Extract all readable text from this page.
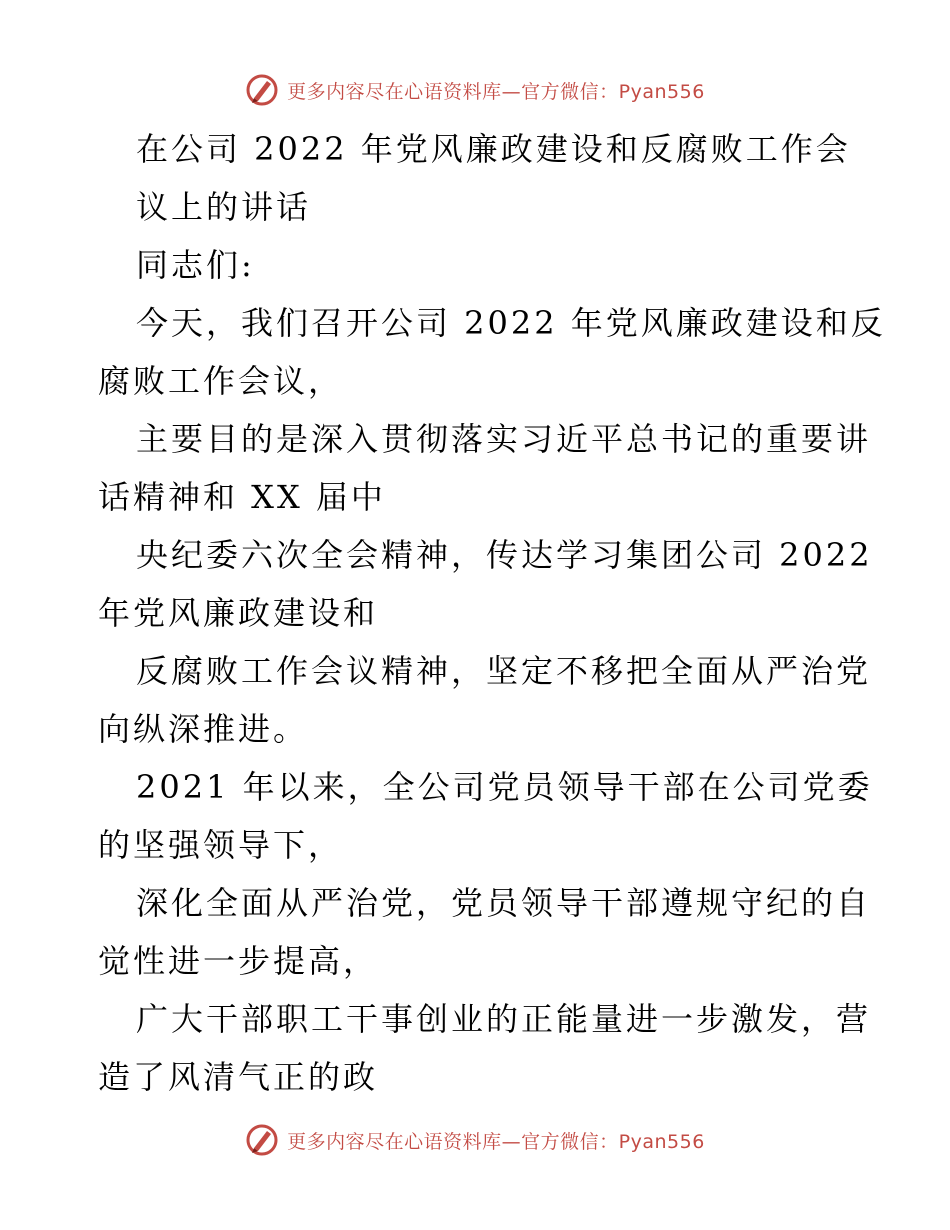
更多内容尽在心语资料库—官方微信：Pyan556
在公司 2022 年党风廉政建设和反腐败工作会
议上的讲话
同志们:
今天，我们召开公司 2022 年党风廉政建设和反
腐败工作会议，
主要目的是深入贯彻落实习近平总书记的重要讲
话精神和 XX 届中
央纪委六次全会精神，传达学习集团公司 2022
年党风廉政建设和
反腐败工作会议精神，坚定不移把全面从严治党
向纵深推进。
2021 年以来，全公司党员领导干部在公司党委
的坚强领导下，
深化全面从严治党，党员领导干部遵规守纪的自
觉性进一步提高，
广大干部职工干事创业的正能量进一步激发，营
造了风清气正的政
更多内容尽在心语资料库—官方微信：Pyan556
